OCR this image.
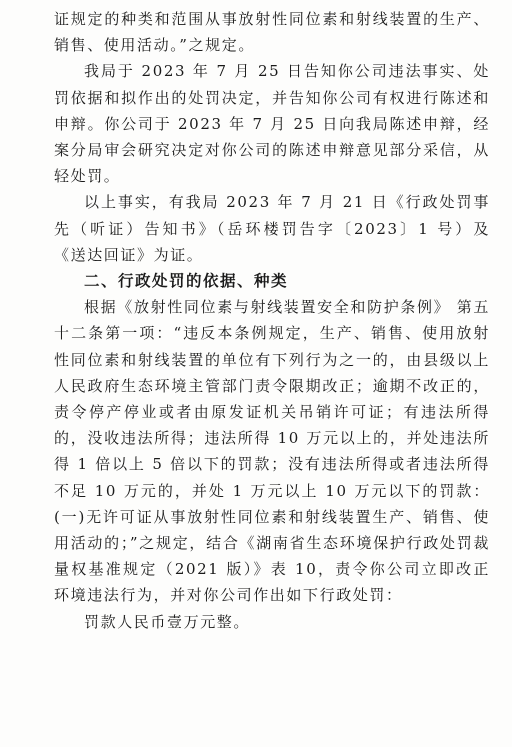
证规定的种类和范围从事放射性同位素和射线装置的生产、销售、使用活动。”之规定。

我局于 2023 年 7 月 25 日告知你公司违法事实、处罚依据和拟作出的处罚决定，并告知你公司有权进行陈述和申辩。你公司于 2023 年 7 月 25 日向我局陈述申辩，经案分局审会研究决定对你公司的陈述申辩意见部分采信，从轻处罚。

以上事实，有我局 2023 年 7 月 21 日《行政处罚事先（听证）告知书》（岳环楼罚告字〔2023〕1 号）及《送达回证》为证。

二、行政处罚的依据、种类

根据《放射性同位素与射线装置安全和防护条例》 第五十二条第一项：“违反本条例规定，生产、销售、使用放射性同位素和射线装置的单位有下列行为之一的，由县级以上人民政府生态环境主管部门责令限期改正；逾期不改正的，责令停产停业或者由原发证机关吊销许可证；有违法所得的，没收违法所得；违法所得 10 万元以上的，并处违法所得 1 倍以上 5 倍以下的罚款；没有违法所得或者违法所得不足 10 万元的，并处 1 万元以上 10 万元以下的罚款：(一)无许可证从事放射性同位素和射线装置生产、销售、使用活动的；”之规定，结合《湖南省生态环境保护行政处罚裁量权基准规定（2021 版）》表 10，责令你公司立即改正环境违法行为，并对你公司作出如下行政处罚：

罚款人民币壹万元整。
